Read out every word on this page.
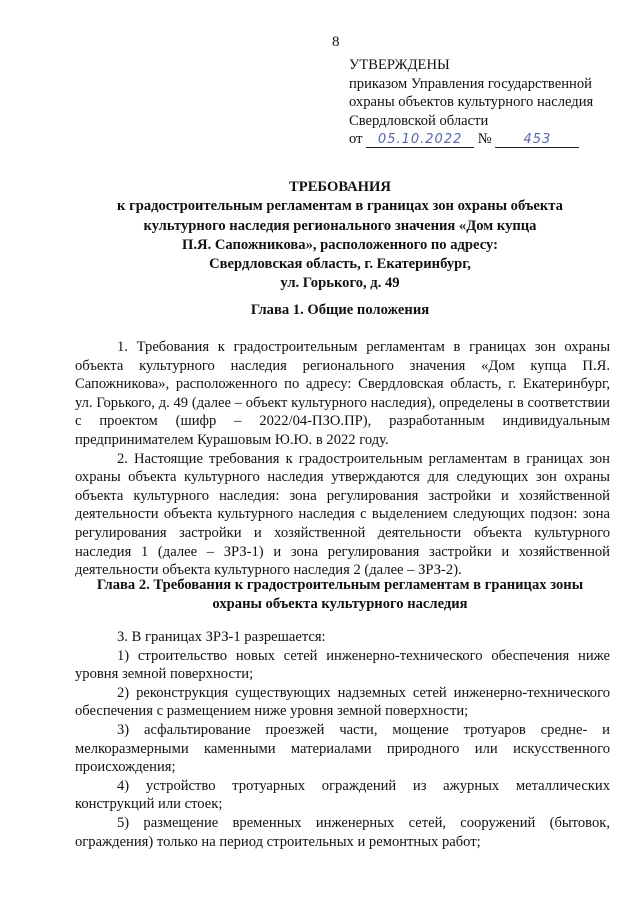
8
УТВЕРЖДЕНЫ
приказом Управления государственной
охраны объектов культурного наследия
Свердловской области
от 05.10.2022 № 453
ТРЕБОВАНИЯ
к градостроительным регламентам в границах зон охраны объекта
культурного наследия регионального значения «Дом купца
П.Я. Сапожникова», расположенного по адресу:
Свердловская область, г. Екатеринбург,
ул. Горького, д. 49
Глава 1. Общие положения

1. Требования к градостроительным регламентам в границах зон охраны объекта культурного наследия регионального значения «Дом купца П.Я. Сапожникова», расположенного по адресу: Свердловская область, г. Екатеринбург, ул. Горького, д. 49 (далее – объект культурного наследия), определены в соответствии с проектом (шифр – 2022/04-ПЗО.ПР), разработанным индивидуальным предпринимателем Курашовым Ю.Ю. в 2022 году.

2. Настоящие требования к градостроительным регламентам в границах зон охраны объекта культурного наследия утверждаются для следующих зон охраны объекта культурного наследия: зона регулирования застройки и хозяйственной деятельности объекта культурного наследия с выделением следующих подзон: зона регулирования застройки и хозяйственной деятельности объекта культурного наследия 1 (далее – ЗРЗ-1) и зона регулирования застройки и хозяйственной деятельности объекта культурного наследия 2 (далее – ЗРЗ-2).

Глава 2. Требования к градостроительным регламентам в границах зоны
охраны объекта культурного наследия

3. В границах ЗРЗ-1 разрешается:

1) строительство новых сетей инженерно-технического обеспечения ниже уровня земной поверхности;

2) реконструкция существующих надземных сетей инженерно-технического обеспечения с размещением ниже уровня земной поверхности;

3) асфальтирование проезжей части, мощение тротуаров средне- и мелкоразмерными каменными материалами природного или искусственного происхождения;

4) устройство тротуарных ограждений из ажурных металлических конструкций или стоек;

5) размещение временных инженерных сетей, сооружений (бытовок, ограждения) только на период строительных и ремонтных работ;
